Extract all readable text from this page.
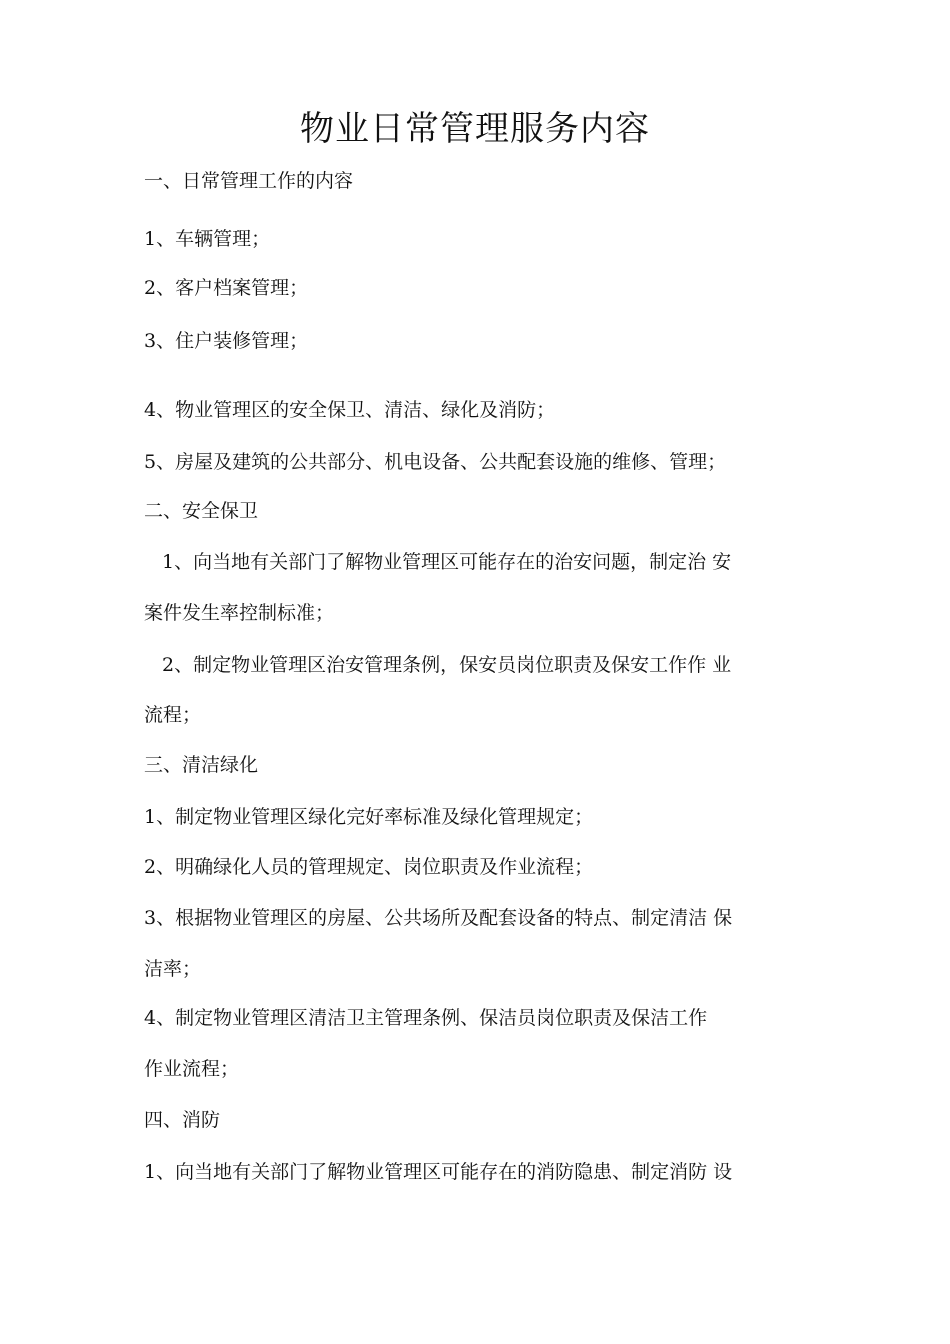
物业日常管理服务内容

一、日常管理工作的内容

1、车辆管理；

2、客户档案管理；

3、住户装修管理；

4、物业管理区的安全保卫、清洁、绿化及消防；

5、房屋及建筑的公共部分、机电设备、公共配套设施的维修、管理；

二、安全保卫

1、向当地有关部门了解物业管理区可能存在的治安问题，制定治 安

案件发生率控制标准；

2、制定物业管理区治安管理条例，保安员岗位职责及保安工作作 业

流程；

三、清洁绿化

1、制定物业管理区绿化完好率标准及绿化管理规定；

2、明确绿化人员的管理规定、岗位职责及作业流程；

3、根据物业管理区的房屋、公共场所及配套设备的特点、制定清洁 保

洁率；

4、制定物业管理区清洁卫主管理条例、保洁员岗位职责及保洁工作

作业流程；

四、消防

1、向当地有关部门了解物业管理区可能存在的消防隐患、制定消防 设
